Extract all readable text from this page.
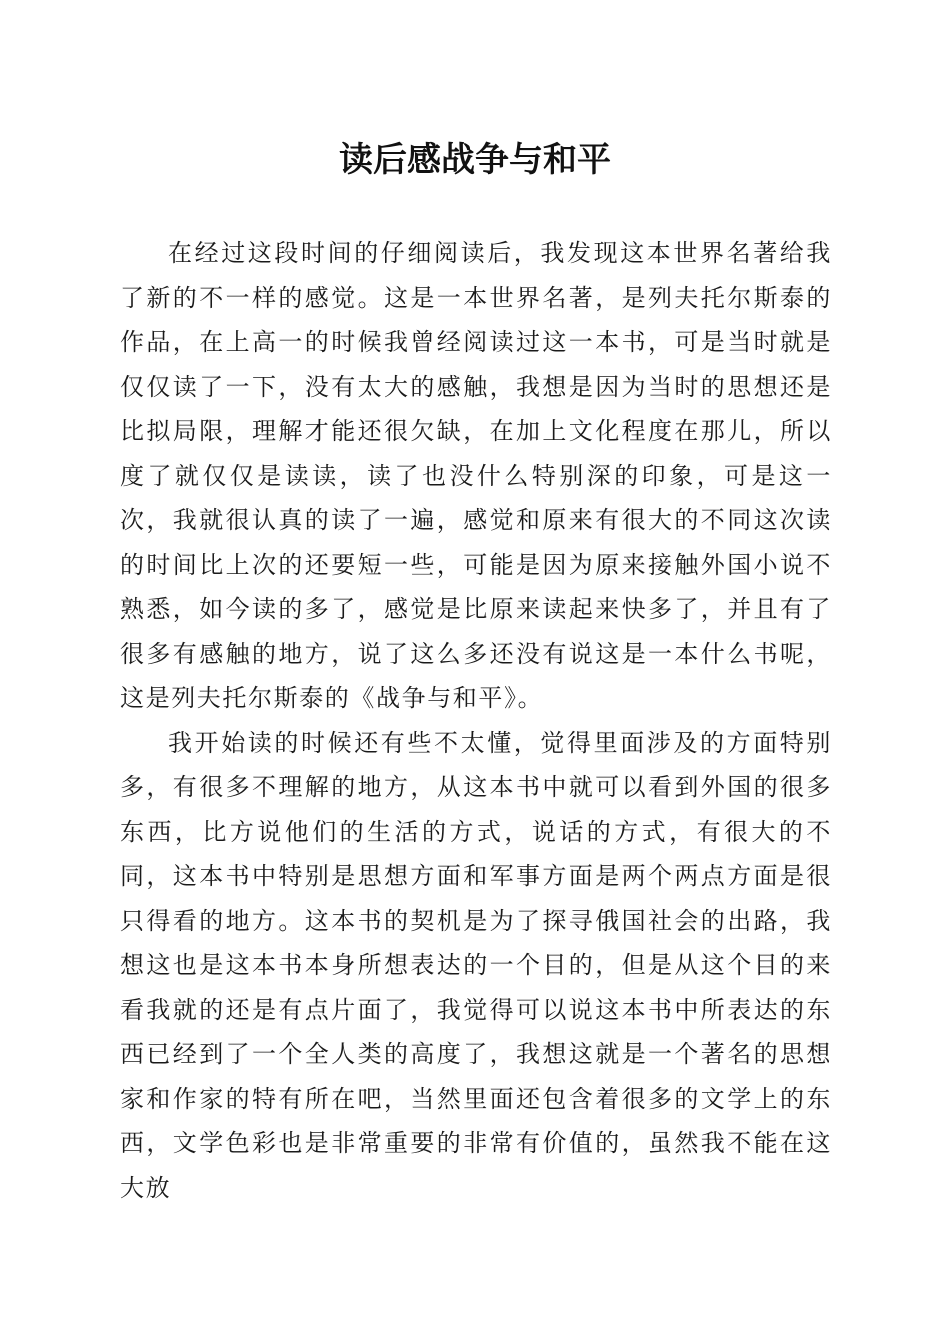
读后感战争与和平

在经过这段时间的仔细阅读后，我发现这本世界名著给我了新的不一样的感觉。这是一本世界名著，是列夫托尔斯泰的作品，在上高一的时候我曾经阅读过这一本书，可是当时就是仅仅读了一下，没有太大的感触，我想是因为当时的思想还是比拟局限，理解才能还很欠缺，在加上文化程度在那儿，所以度了就仅仅是读读，读了也没什么特别深的印象，可是这一次，我就很认真的读了一遍，感觉和原来有很大的不同这次读的时间比上次的还要短一些，可能是因为原来接触外国小说不熟悉，如今读的多了，感觉是比原来读起来快多了，并且有了很多有感触的地方，说了这么多还没有说这是一本什么书呢，这是列夫托尔斯泰的《战争与和平》。

我开始读的时候还有些不太懂，觉得里面涉及的方面特别多，有很多不理解的地方，从这本书中就可以看到外国的很多东西，比方说他们的生活的方式，说话的方式，有很大的不同，这本书中特别是思想方面和军事方面是两个两点方面是很只得看的地方。这本书的契机是为了探寻俄国社会的出路，我想这也是这本书本身所想表达的一个目的，但是从这个目的来看我就的还是有点片面了，我觉得可以说这本书中所表达的东西已经到了一个全人类的高度了，我想这就是一个著名的思想家和作家的特有所在吧，当然里面还包含着很多的文学上的东西，文学色彩也是非常重要的非常有价值的，虽然我不能在这大放
